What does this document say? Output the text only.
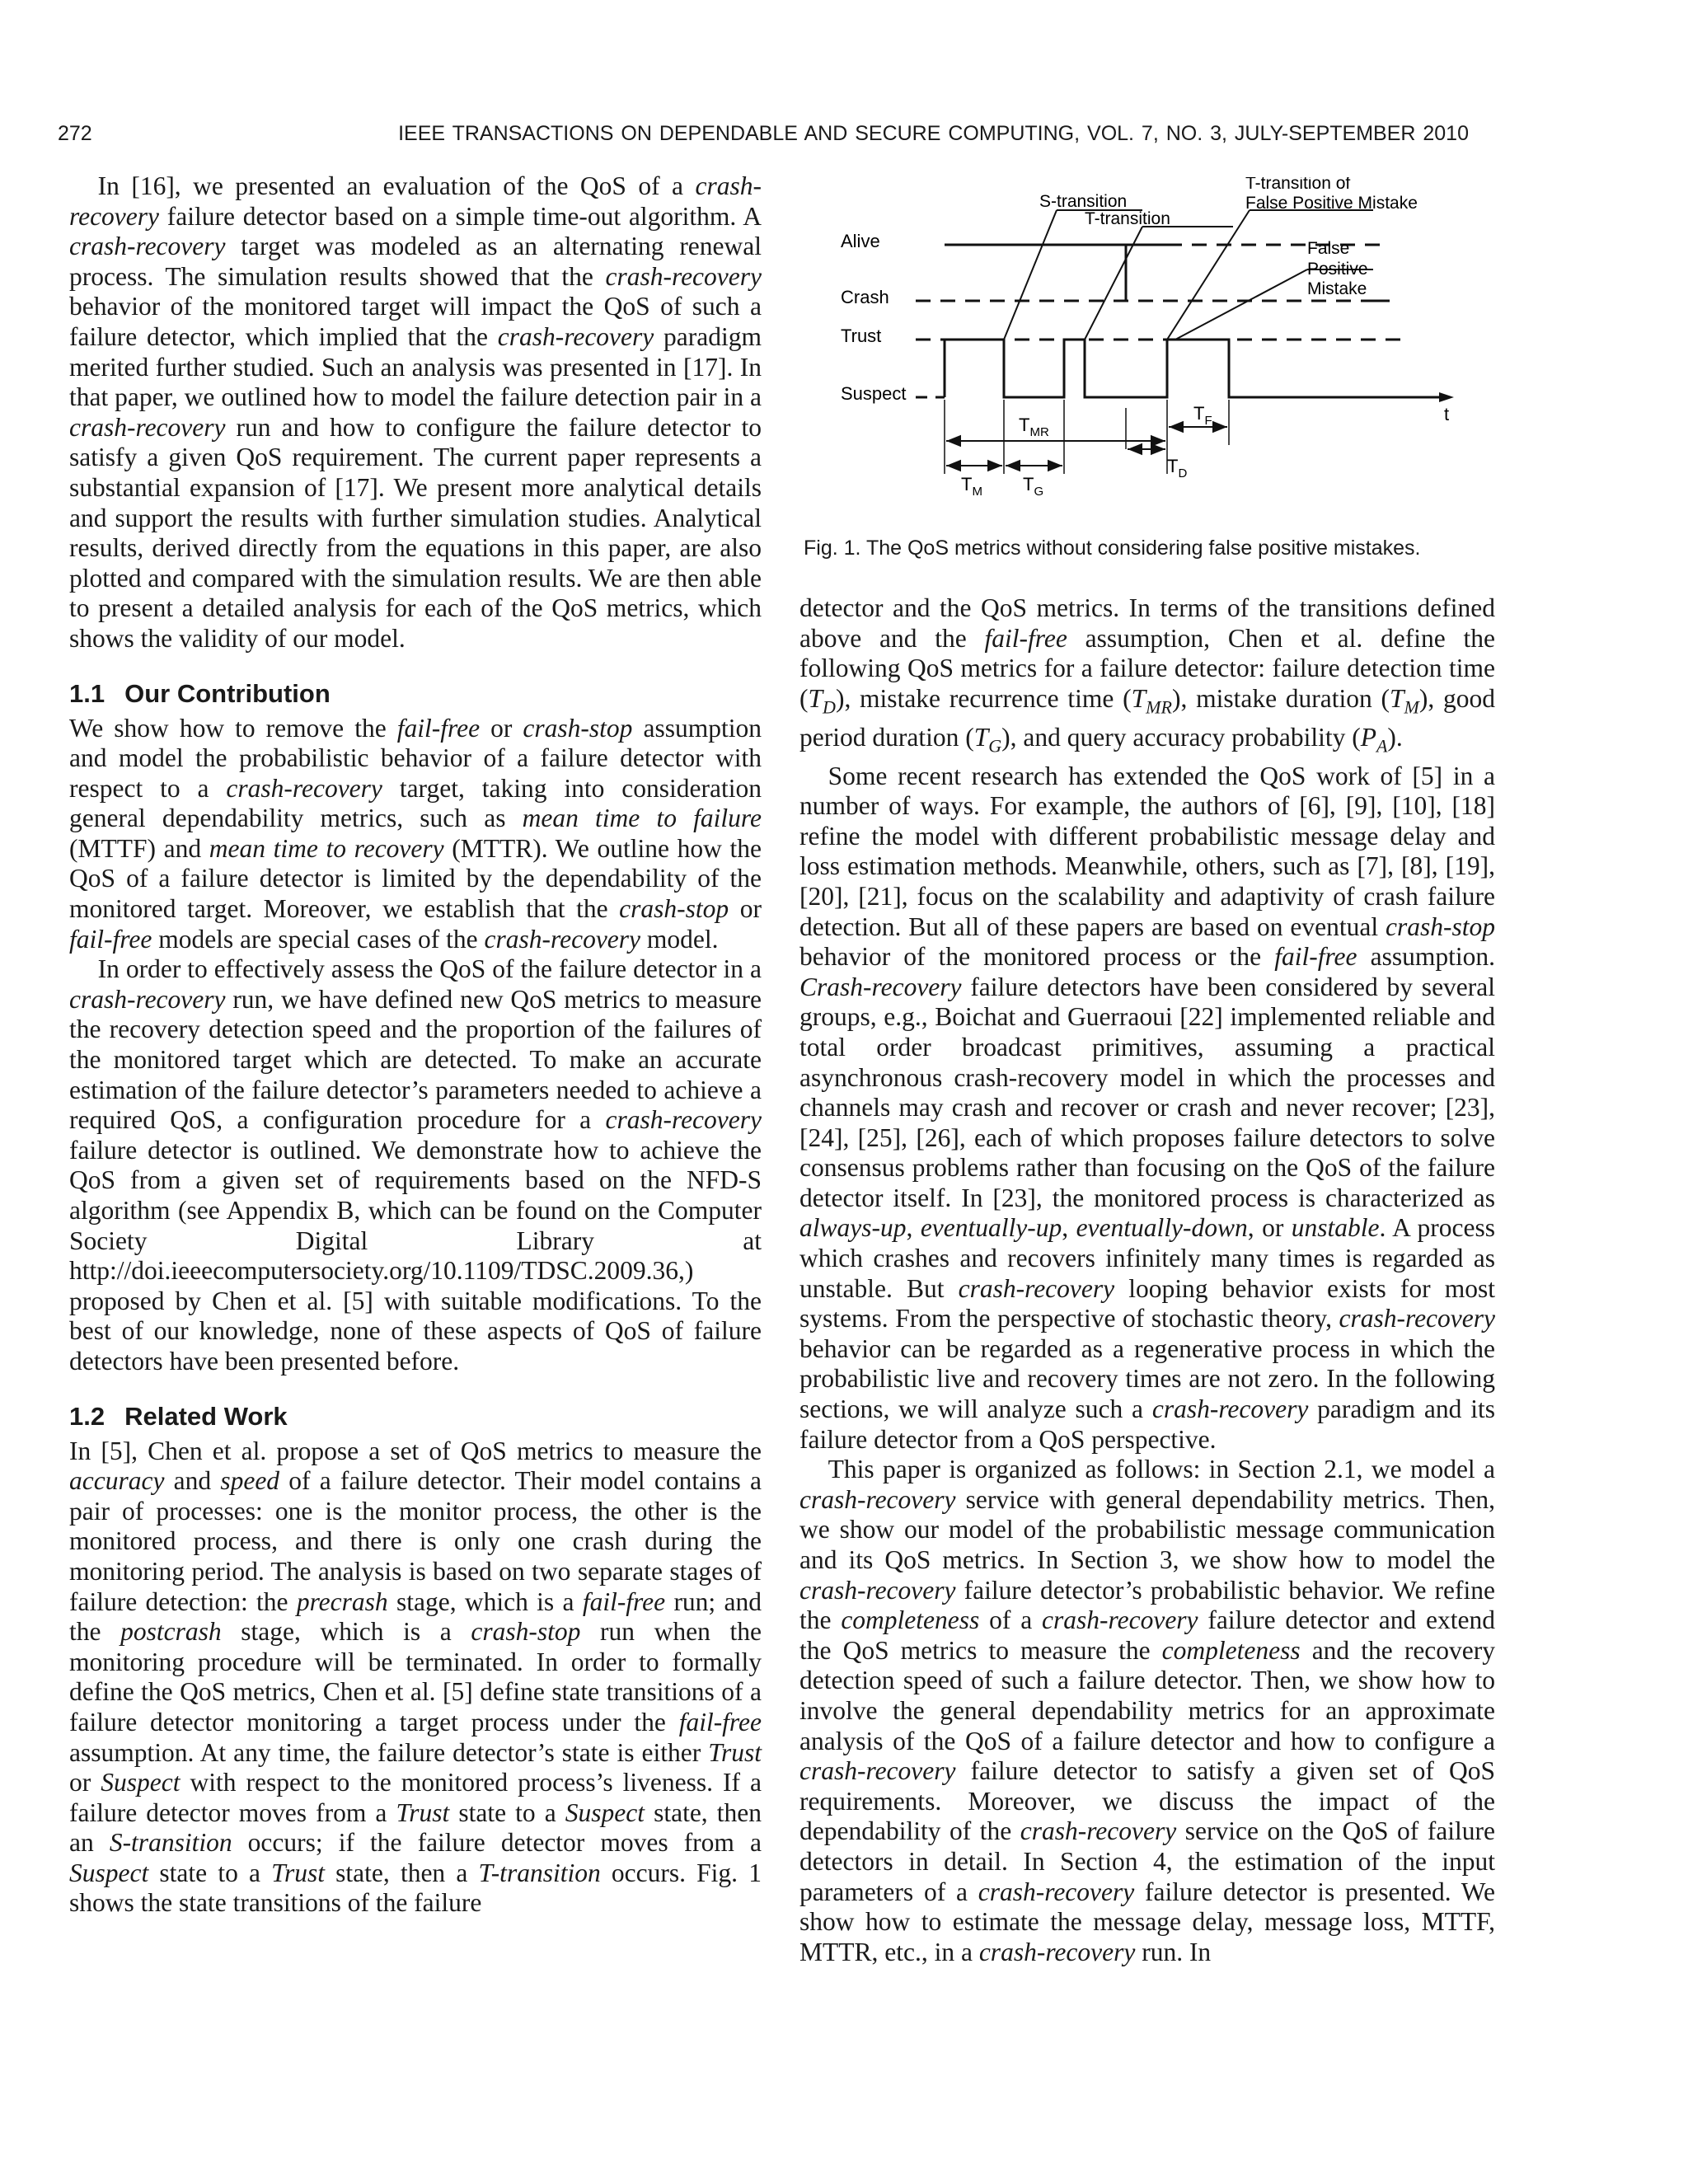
272	IEEE TRANSACTIONS ON DEPENDABLE AND SECURE COMPUTING, VOL. 7, NO. 3, JULY-SEPTEMBER 2010

In [16], we presented an evaluation of the QoS of a crash-recovery failure detector based on a simple time-out algorithm. A crash-recovery target was modeled as an alternating renewal process. The simulation results showed that the crash-recovery behavior of the monitored target will impact the QoS of such a failure detector, which implied that the crash-recovery paradigm merited further studied. Such an analysis was presented in [17]. In that paper, we outlined how to model the failure detection pair in a crash-recovery run and how to configure the failure detector to satisfy a given QoS requirement. The current paper represents a substantial expansion of [17]. We present more analytical details and support the results with further simulation studies. Analytical results, derived directly from the equations in this paper, are also plotted and compared with the simulation results. We are then able to present a detailed analysis for each of the QoS metrics, which shows the validity of our model.

1.1 Our Contribution

We show how to remove the fail-free or crash-stop assumption and model the probabilistic behavior of a failure detector with respect to a crash-recovery target, taking into consideration general dependability metrics, such as mean time to failure (MTTF) and mean time to recovery (MTTR). We outline how the QoS of a failure detector is limited by the dependability of the monitored target. Moreover, we establish that the crash-stop or fail-free models are special cases of the crash-recovery model.

In order to effectively assess the QoS of the failure detector in a crash-recovery run, we have defined new QoS metrics to measure the recovery detection speed and the proportion of the failures of the monitored target which are detected. To make an accurate estimation of the failure detector’s parameters needed to achieve a required QoS, a configuration procedure for a crash-recovery failure detector is outlined. We demonstrate how to achieve the QoS from a given set of requirements based on the NFD-S algorithm (see Appendix B, which can be found on the Computer Society Digital Library at http://doi.ieeecomputersociety.org/10.1109/TDSC.2009.36,) proposed by Chen et al. [5] with suitable modifications. To the best of our knowledge, none of these aspects of QoS of failure detectors have been presented before.

1.2 Related Work

In [5], Chen et al. propose a set of QoS metrics to measure the accuracy and speed of a failure detector. Their model contains a pair of processes: one is the monitor process, the other is the monitored process, and there is only one crash during the monitoring period. The analysis is based on two separate stages of failure detection: the precrash stage, which is a fail-free run; and the postcrash stage, which is a crash-stop run when the monitoring procedure will be terminated. In order to formally define the QoS metrics, Chen et al. [5] define state transitions of a failure detector monitoring a target process under the fail-free assumption. At any time, the failure detector’s state is either Trust or Suspect with respect to the monitored process’s liveness. If a failure detector moves from a Trust state to a Suspect state, then an S-transition occurs; if the failure detector moves from a Suspect state to a Trust state, then a T-transition occurs. Fig. 1 shows the state transitions of the failure

Alive
Crash
Trust
Suspect
t
S-transition
T-transition
T-transition of
False Positive Mistake
False
Positive
Mistake
$T_{MR}$
$T_F$
$T_D$
$T_M$ $T_G$
Fig. 1. The QoS metrics without considering false positive mistakes.

detector and the QoS metrics. In terms of the transitions defined above and the fail-free assumption, Chen et al. define the following QoS metrics for a failure detector: failure detection time $(T_D)$, mistake recurrence time $(T_{MR})$, mistake duration $(T_M)$, good period duration $(T_G)$, and query accuracy probability $(P_A)$.

Some recent research has extended the QoS work of [5] in a number of ways. For example, the authors of [6], [9], [10], [18] refine the model with different probabilistic message delay and loss estimation methods. Meanwhile, others, such as [7], [8], [19], [20], [21], focus on the scalability and adaptivity of crash failure detection. But all of these papers are based on eventual crash-stop behavior of the monitored process or the fail-free assumption. Crash-recovery failure detectors have been considered by several groups, e.g., Boichat and Guerraoui [22] implemented reliable and total order broadcast primitives, assuming a practical asynchronous crash-recovery model in which the processes and channels may crash and recover or crash and never recover; [23], [24], [25], [26], each of which proposes failure detectors to solve consensus problems rather than focusing on the QoS of the failure detector itself. In [23], the monitored process is characterized as always-up, eventually-up, eventually-down, or unstable. A process which crashes and recovers infinitely many times is regarded as unstable. But crash-recovery looping behavior exists for most systems. From the perspective of stochastic theory, crash-recovery behavior can be regarded as a regenerative process in which the probabilistic live and recovery times are not zero. In the following sections, we will analyze such a crash-recovery paradigm and its failure detector from a QoS perspective.

This paper is organized as follows: in Section 2.1, we model a crash-recovery service with general dependability metrics. Then, we show our model of the probabilistic message communication and its QoS metrics. In Section 3, we show how to model the crash-recovery failure detector’s probabilistic behavior. We refine the completeness of a crash-recovery failure detector and extend the QoS metrics to measure the completeness and the recovery detection speed of such a failure detector. Then, we show how to involve the general dependability metrics for an approximate analysis of the QoS of a failure detector and how to configure a crash-recovery failure detector to satisfy a given set of QoS requirements. Moreover, we discuss the impact of the dependability of the crash-recovery service on the QoS of failure detectors in detail. In Section 4, the estimation of the input parameters of a crash-recovery failure detector is presented. We show how to estimate the message delay, message loss, MTTF, MTTR, etc., in a crash-recovery run. In
